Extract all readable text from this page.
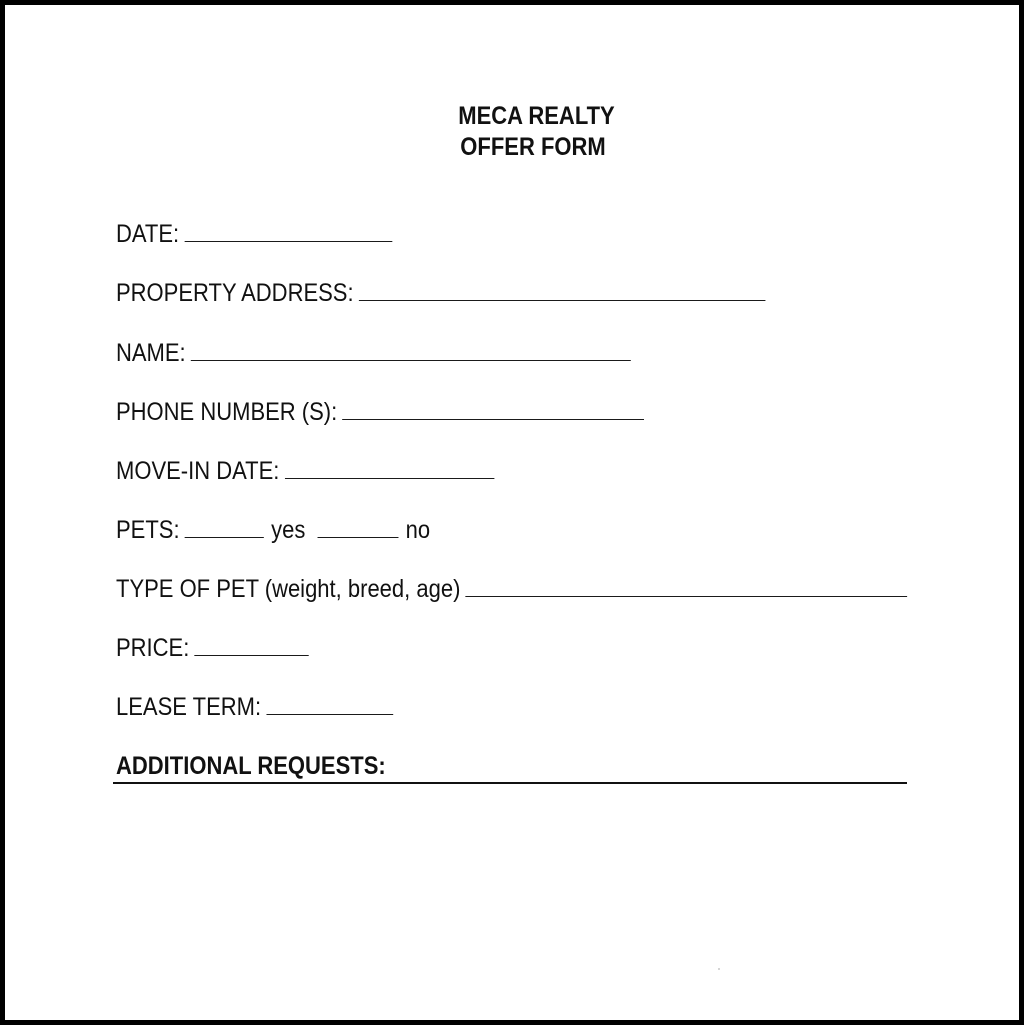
MECA REALTY
OFFER FORM
DATE:
PROPERTY ADDRESS:
NAME:
PHONE NUMBER (S):
MOVE-IN DATE:
PETS:	yes	no
TYPE OF PET (weight, breed, age)
PRICE:
LEASE TERM:
ADDITIONAL REQUESTS:
